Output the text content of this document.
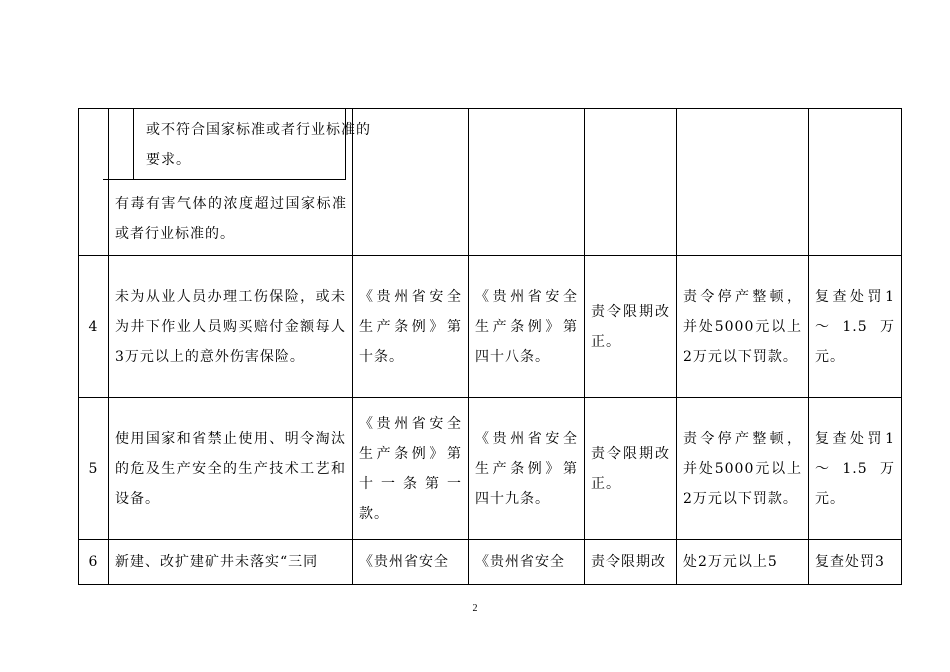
	或不符合国家标准或者行业标准的
要求。
有毒有害气体的浓度超过国家标准或者行业标准的。					

4	未为从业人员办理工伤保险，或未为井下作业人员购买赔付金额每人3万元以上的意外伤害保险。	《贵州省安全生产条例》第十条。	《贵州省安全生产条例》第四十八条。	责令限期改正。	责令停产整顿，并处5000元以上2万元以下罚款。	复查处罚1～1.5万元。
5	使用国家和省禁止使用、明令淘汰的危及生产安全的生产技术工艺和设备。	《贵州省安全生产条例》第十一条第一款。	《贵州省安全生产条例》第四十九条。	责令限期改正。	责令停产整顿，并处5000元以上2万元以下罚款。	复查处罚1～1.5万元。
6	新建、改扩建矿井未落实“三同	《贵州省安全	《贵州省安全	责令限期改	处2万元以上5	复查处罚3
2
